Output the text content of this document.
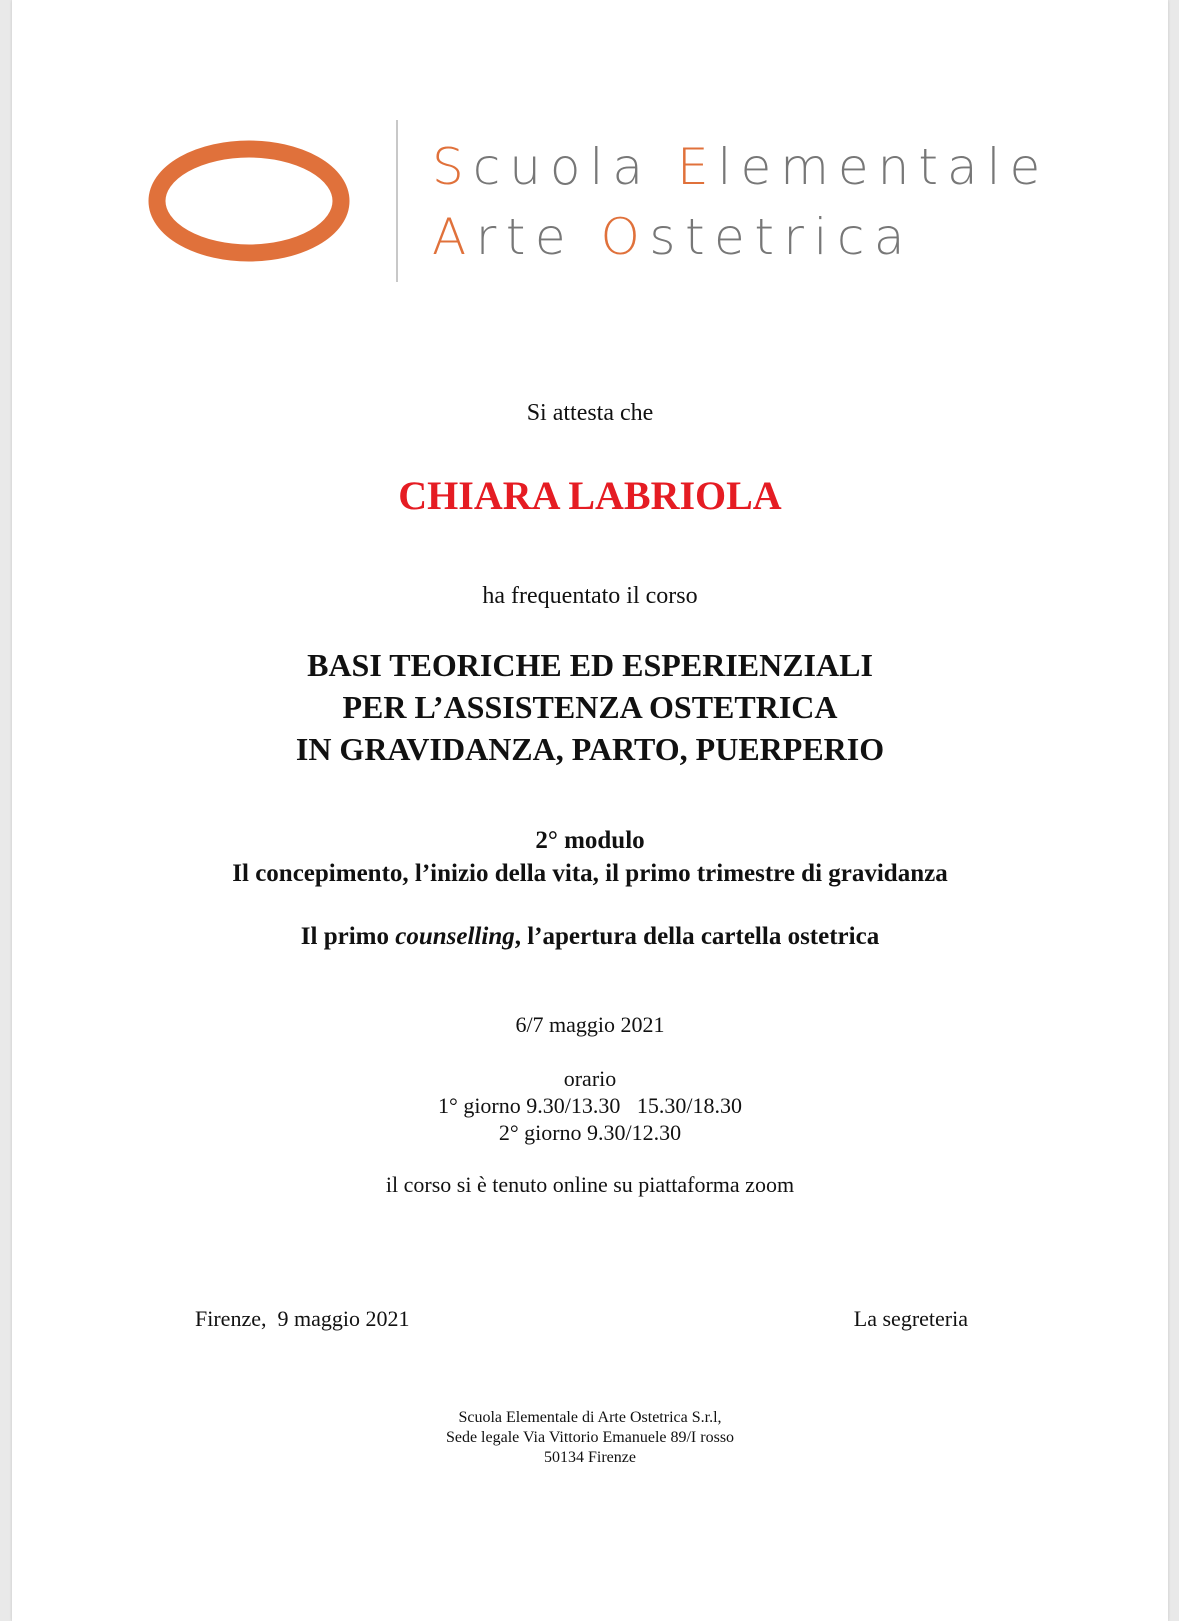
Scuola Elementale
Arte Ostetrica
Si attesta che
CHIARA LABRIOLA
ha frequentato il corso
BASI TEORICHE ED ESPERIENZIALI
PER L’ASSISTENZA OSTETRICA
IN GRAVIDANZA, PARTO, PUERPERIO
2° modulo
Il concepimento, l’inizio della vita, il primo trimestre di gravidanza
Il primo counselling, l’apertura della cartella ostetrica
6/7 maggio 2021
orario
1° giorno 9.30/13.30   15.30/18.30
2° giorno 9.30/12.30
il corso si è tenuto online su piattaforma zoom
Firenze,  9 maggio 2021	La segreteria
Scuola Elementale di Arte Ostetrica S.r.l,
Sede legale Via Vittorio Emanuele 89/I rosso
50134 Firenze
